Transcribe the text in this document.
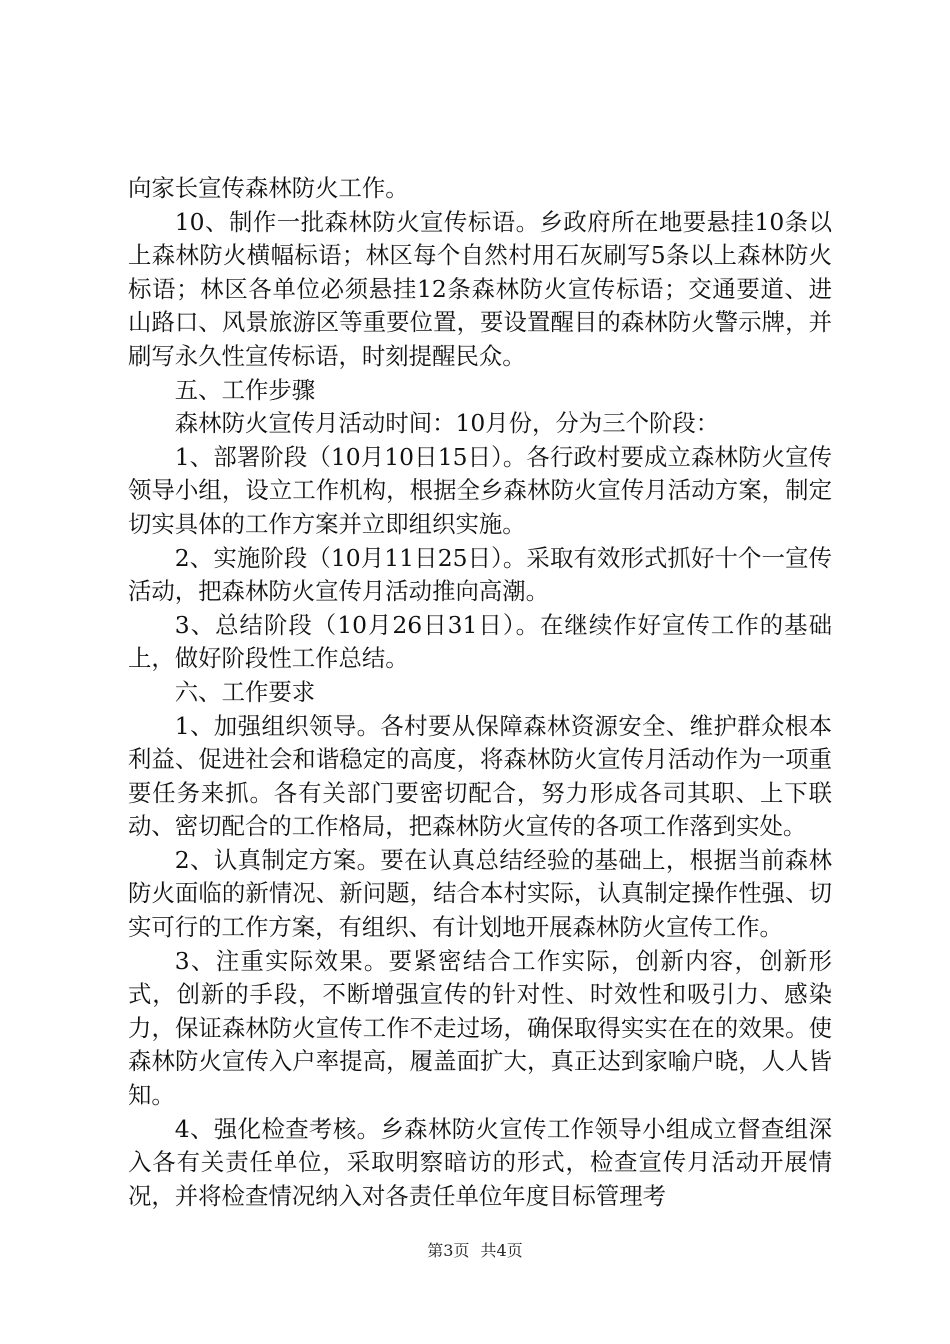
向家长宣传森林防火工作。

10、制作一批森林防火宣传标语。乡政府所在地要悬挂10条以上森林防火横幅标语；林区每个自然村用石灰刷写5条以上森林防火标语；林区各单位必须悬挂12条森林防火宣传标语；交通要道、进山路口、风景旅游区等重要位置，要设置醒目的森林防火警示牌，并刷写永久性宣传标语，时刻提醒民众。

五、工作步骤

森林防火宣传月活动时间：10月份，分为三个阶段：

1、部署阶段（10月10日15日）。各行政村要成立森林防火宣传领导小组，设立工作机构，根据全乡森林防火宣传月活动方案，制定切实具体的工作方案并立即组织实施。

2、实施阶段（10月11日25日）。采取有效形式抓好十个一宣传活动，把森林防火宣传月活动推向高潮。

3、总结阶段（10月26日31日）。在继续作好宣传工作的基础上，做好阶段性工作总结。

六、工作要求

1、加强组织领导。各村要从保障森林资源安全、维护群众根本利益、促进社会和谐稳定的高度，将森林防火宣传月活动作为一项重要任务来抓。各有关部门要密切配合，努力形成各司其职、上下联动、密切配合的工作格局，把森林防火宣传的各项工作落到实处。

2、认真制定方案。要在认真总结经验的基础上，根据当前森林防火面临的新情况、新问题，结合本村实际，认真制定操作性强、切实可行的工作方案，有组织、有计划地开展森林防火宣传工作。

3、注重实际效果。要紧密结合工作实际，创新内容，创新形式，创新的手段，不断增强宣传的针对性、时效性和吸引力、感染力，保证森林防火宣传工作不走过场，确保取得实实在在的效果。使森林防火宣传入户率提高，履盖面扩大，真正达到家喻户晓，人人皆知。

4、强化检查考核。乡森林防火宣传工作领导小组成立督查组深入各有关责任单位，采取明察暗访的形式，检查宣传月活动开展情况，并将检查情况纳入对各责任单位年度目标管理考

第3页 共4页
